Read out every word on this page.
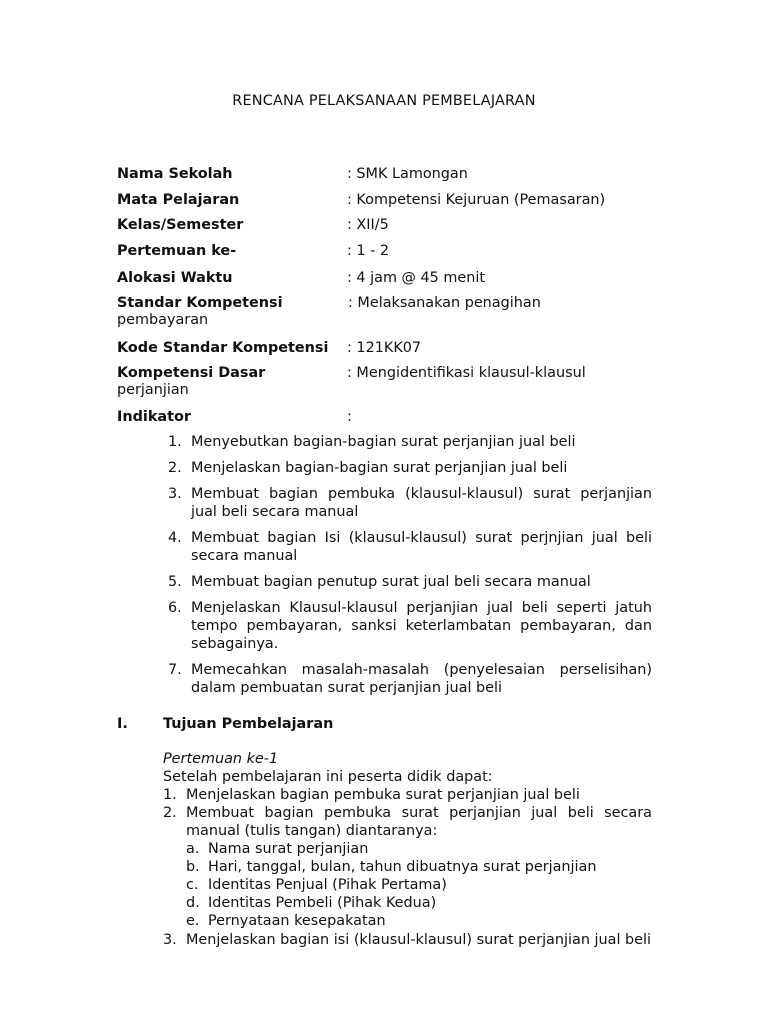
RENCANA PELAKSANAAN PEMBELAJARAN
Nama Sekolah	: SMK Lamongan
Mata Pelajaran	: Kompetensi Kejuruan (Pemasaran)
Kelas/Semester	: XII/5
Pertemuan ke-	: 1 - 2
Alokasi Waktu	: 4 jam @ 45 menit
Standar Kompetensi	: Melaksanakan penagihan
pembayaran
Kode Standar Kompetensi : 121KK07
Kompetensi Dasar	: Mengidentifikasi klausul-klausul
perjanjian
Indikator	:
1. Menyebutkan bagian-bagian surat perjanjian jual beli
2. Menjelaskan bagian-bagian surat perjanjian jual beli
3. Membuat bagian pembuka (klausul-klausul) surat perjanjian jual beli secara manual
4. Membuat bagian Isi (klausul-klausul) surat perjnjian jual beli secara manual
5. Membuat bagian penutup surat jual beli secara manual
6. Menjelaskan Klausul-klausul perjanjian jual beli seperti jatuh tempo pembayaran, sanksi keterlambatan pembayaran, dan sebagainya.
7. Memecahkan masalah-masalah (penyelesaian perselisihan) dalam pembuatan surat perjanjian jual beli
I. Tujuan Pembelajaran
Pertemuan ke-1
Setelah pembelajaran ini peserta didik dapat:
1. Menjelaskan bagian pembuka surat perjanjian jual beli
2. Membuat bagian pembuka surat perjanjian jual beli secara manual (tulis tangan) diantaranya:
a. Nama surat perjanjian
b. Hari, tanggal, bulan, tahun dibuatnya surat perjanjian
c. Identitas Penjual (Pihak Pertama)
d. Identitas Pembeli (Pihak Kedua)
e. Pernyataan kesepakatan
3. Menjelaskan bagian isi (klausul-klausul) surat perjanjian jual beli
